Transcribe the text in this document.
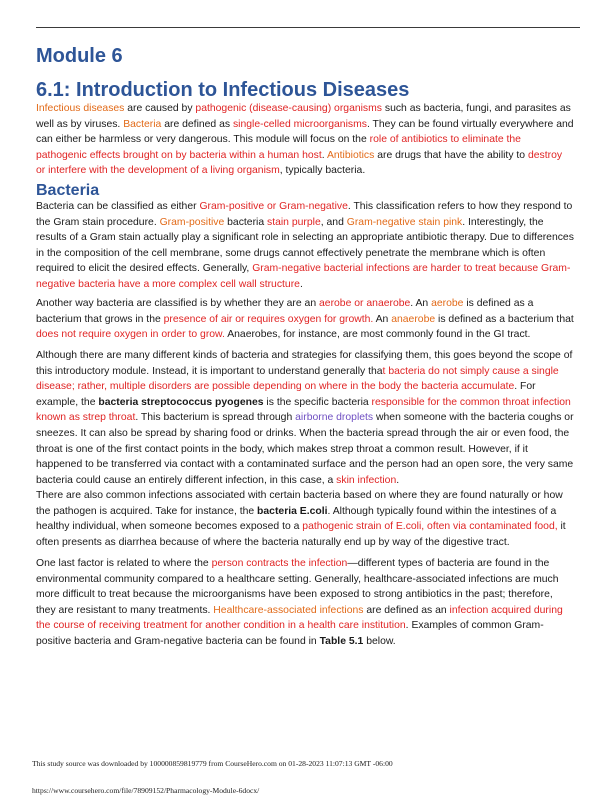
Module 6
6.1: Introduction to Infectious Diseases

Infectious diseases are caused by pathogenic (disease-causing) organisms such as bacteria, fungi, and parasites as well as by viruses. Bacteria are defined as single-celled microorganisms. They can be found virtually everywhere and can either be harmless or very dangerous. This module will focus on the role of antibiotics to eliminate the pathogenic effects brought on by bacteria within a human host. Antibiotics are drugs that have the ability to destroy or interfere with the development of a living organism, typically bacteria.

Bacteria

Bacteria can be classified as either Gram-positive or Gram-negative. This classification refers to how they respond to the Gram stain procedure. Gram-positive bacteria stain purple, and Gram-negative stain pink. Interestingly, the results of a Gram stain actually play a significant role in selecting an appropriate antibiotic therapy. Due to differences in the composition of the cell membrane, some drugs cannot effectively penetrate the membrane which is often required to elicit the desired effects. Generally, Gram-negative bacterial infections are harder to treat because Gram-negative bacteria have a more complex cell wall structure.

Another way bacteria are classified is by whether they are an aerobe or anaerobe. An aerobe is defined as a bacterium that grows in the presence of air or requires oxygen for growth. An anaerobe is defined as a bacterium that does not require oxygen in order to grow. Anaerobes, for instance, are most commonly found in the GI tract.

Although there are many different kinds of bacteria and strategies for classifying them, this goes beyond the scope of this introductory module. Instead, it is important to understand generally that bacteria do not simply cause a single disease; rather, multiple disorders are possible depending on where in the body the bacteria accumulate. For example, the bacteria streptococcus pyogenes is the specific bacteria responsible for the common throat infection known as strep throat. This bacterium is spread through airborne droplets when someone with the bacteria coughs or sneezes. It can also be spread by sharing food or drinks. When the bacteria spread through the air or even food, the throat is one of the first contact points in the body, which makes strep throat a common result. However, if it happened to be transferred via contact with a contaminated surface and the person had an open sore, the very same bacteria could cause an entirely different infection, in this case, a skin infection.

There are also common infections associated with certain bacteria based on where they are found naturally or how the pathogen is acquired. Take for instance, the bacteria E.coli. Although typically found within the intestines of a healthy individual, when someone becomes exposed to a pathogenic strain of E.coli, often via contaminated food, it often presents as diarrhea because of where the bacteria naturally end up by way of the digestive tract.

One last factor is related to where the person contracts the infection—different types of bacteria are found in the environmental community compared to a healthcare setting. Generally, healthcare-associated infections are much more difficult to treat because the microorganisms have been exposed to strong antibiotics in the past; therefore, they are resistant to many treatments. Healthcare-associated infections are defined as an infection acquired during the course of receiving treatment for another condition in a health care institution. Examples of common Gram-positive bacteria and Gram-negative bacteria can be found in Table 5.1 below.

This study source was downloaded by 100000859819779 from CourseHero.com on 01-28-2023 11:07:13 GMT -06:00

https://www.coursehero.com/file/78909152/Pharmacology-Module-6docx/
